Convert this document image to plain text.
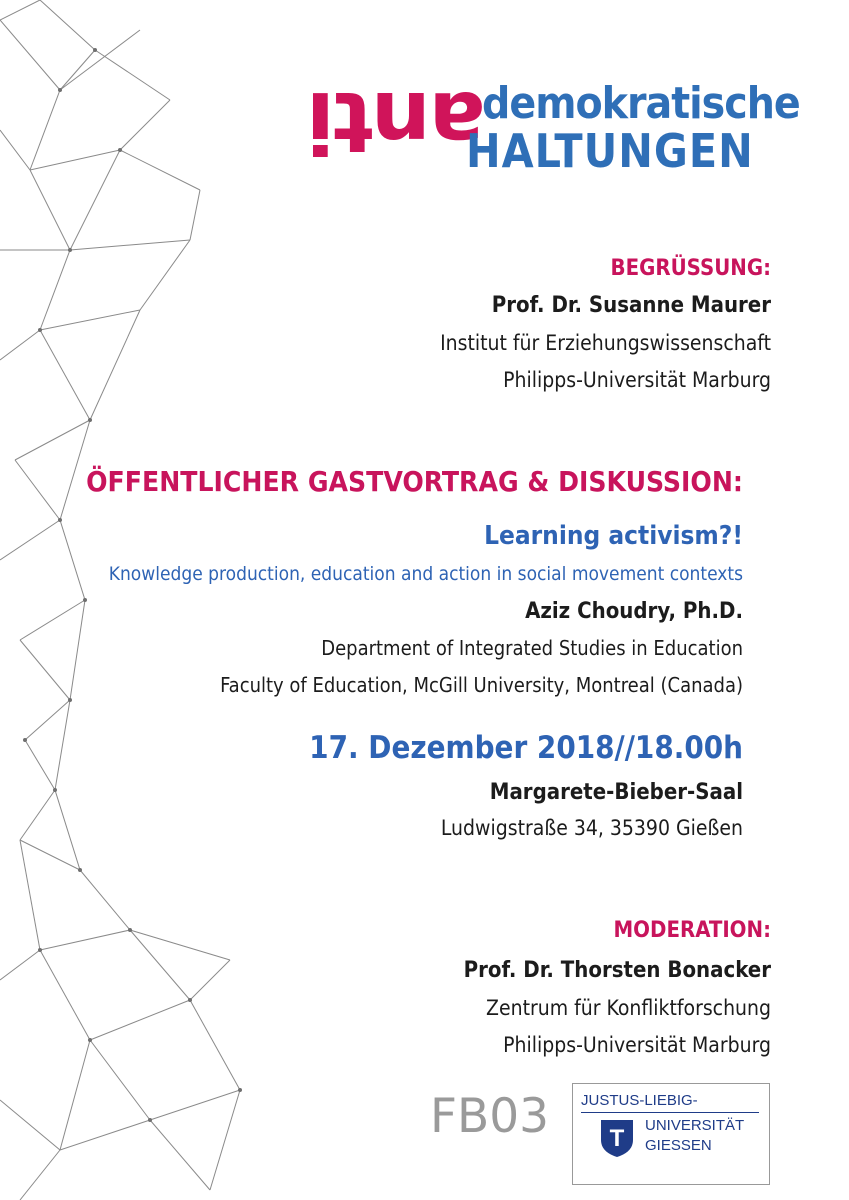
anti
demokratische
HALTUNGEN
BEGRÜSSUNG:
Prof. Dr. Susanne Maurer
Institut für Erziehungswissenschaft
Philipps-Universität Marburg
ÖFFENTLICHER GASTVORTRAG & DISKUSSION:
Learning activism?!
Knowledge production, education and action in social movement contexts
Aziz Choudry, Ph.D.
Department of Integrated Studies in Education
Faculty of Education, McGill University, Montreal (Canada)
17. Dezember 2018//18.00h
Margarete-Bieber-Saal
Ludwigstraße 34, 35390 Gießen
MODERATION:
Prof. Dr. Thorsten Bonacker
Zentrum für Konfliktforschung
Philipps-Universität Marburg
FB03 JUSTUS-LIEBIG-
T UNIVERSITÄT
GIESSEN
